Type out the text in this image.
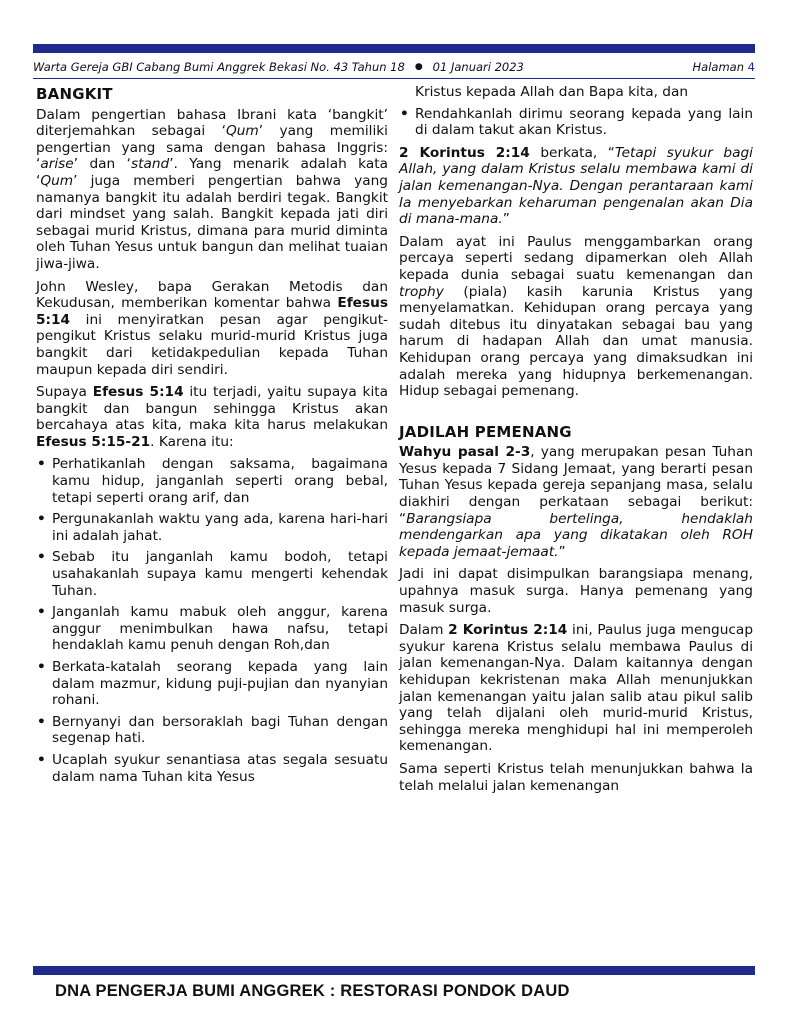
Warta Gereja GBI Cabang Bumi Anggrek Bekasi No. 43 Tahun 18 ● 01 Januari 2023	Halaman 4
BANGKIT

Dalam pengertian bahasa Ibrani kata ‘bangkit’ diterjemahkan sebagai ‘Qum’ yang memiliki pengertian yang sama dengan bahasa Inggris: ‘arise’ dan ‘stand’. Yang menarik adalah kata ‘Qum’ juga memberi pengertian bahwa yang namanya bangkit itu adalah berdiri tegak. Bangkit dari mindset yang salah. Bangkit kepada jati diri sebagai murid Kristus, dimana para murid diminta oleh Tuhan Yesus untuk bangun dan melihat tuaian jiwa-jiwa.

John Wesley, bapa Gerakan Metodis dan Kekudusan, memberikan komentar bahwa Efesus 5:14 ini menyiratkan pesan agar pengikut-pengikut Kristus selaku murid-murid Kristus juga bangkit dari ketidakpedulian kepada Tuhan maupun kepada diri sendiri.

Supaya Efesus 5:14 itu terjadi, yaitu supaya kita bangkit dan bangun sehingga Kristus akan bercahaya atas kita, maka kita harus melakukan Efesus 5:15-21. Karena itu:

• Perhatikanlah dengan saksama, bagaimana kamu hidup, janganlah seperti orang bebal, tetapi seperti orang arif, dan
• Pergunakanlah waktu yang ada, karena hari-hari ini adalah jahat.
• Sebab itu janganlah kamu bodoh, tetapi usahakanlah supaya kamu mengerti kehendak Tuhan.
• Janganlah kamu mabuk oleh anggur, karena anggur menimbulkan hawa nafsu, tetapi hendaklah kamu penuh dengan Roh,dan
• Berkata-katalah seorang kepada yang lain dalam mazmur, kidung puji-pujian dan nyanyian rohani.
• Bernyanyi dan bersoraklah bagi Tuhan dengan segenap hati.
• Ucaplah syukur senantiasa atas segala sesuatu dalam nama Tuhan kita Yesus
Kristus kepada Allah dan Bapa kita, dan
• Rendahkanlah dirimu seorang kepada yang lain di dalam takut akan Kristus.

2 Korintus 2:14 berkata, “Tetapi syukur bagi Allah, yang dalam Kristus selalu membawa kami di jalan kemenangan-Nya. Dengan perantaraan kami Ia menyebarkan keharuman pengenalan akan Dia di mana-mana.”

Dalam ayat ini Paulus menggambarkan orang percaya seperti sedang dipamerkan oleh Allah kepada dunia sebagai suatu kemenangan dan trophy (piala) kasih karunia Kristus yang menyelamatkan. Kehidupan orang percaya yang sudah ditebus itu dinyatakan sebagai bau yang harum di hadapan Allah dan umat manusia. Kehidupan orang percaya yang dimaksudkan ini adalah mereka yang hidupnya berkemenangan. Hidup sebagai pemenang.

JADILAH PEMENANG

Wahyu pasal 2-3, yang merupakan pesan Tuhan Yesus kepada 7 Sidang Jemaat, yang berarti pesan Tuhan Yesus kepada gereja sepanjang masa, selalu diakhiri dengan perkataan sebagai berikut: “Barangsiapa bertelinga, hendaklah mendengarkan apa yang dikatakan oleh ROH kepada jemaat-jemaat.”

Jadi ini dapat disimpulkan barangsiapa menang, upahnya masuk surga. Hanya pemenang yang masuk surga.

Dalam 2 Korintus 2:14 ini, Paulus juga mengucap syukur karena Kristus selalu membawa Paulus di jalan kemenangan-Nya. Dalam kaitannya dengan kehidupan kekristenan maka Allah menunjukkan jalan kemenangan yaitu jalan salib atau pikul salib yang telah dijalani oleh murid-murid Kristus, sehingga mereka menghidupi hal ini memperoleh kemenangan.

Sama seperti Kristus telah menunjukkan bahwa Ia telah melalui jalan kemenangan

DNA PENGERJA BUMI ANGGREK : RESTORASI PONDOK DAUD
